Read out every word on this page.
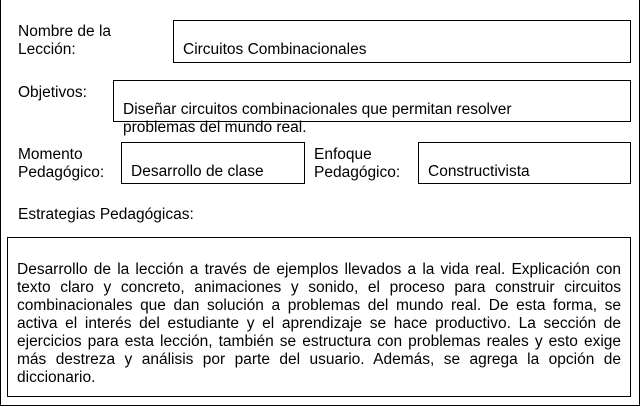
Nombre de la
Lección:	Circuitos Combinacionales

Objetivos:

Diseñar circuitos combinacionales que permitan resolver
problemas del mundo real.

Momento
Pedagógico:	Desarrollo de clase

Enfoque
Pedagógico:	Constructivista

Estrategias Pedagógicas:

Desarrollo de la lección a través de ejemplos llevados a la vida real. Explicación con texto claro y concreto, animaciones y sonido, el proceso para construir circuitos combinacionales que dan solución a problemas del mundo real. De esta forma, se activa el interés del estudiante y el aprendizaje se hace productivo. La sección de ejercicios para esta lección, también se estructura con problemas reales y esto exige más destreza y análisis por parte del usuario. Además, se agrega la opción de diccionario.
